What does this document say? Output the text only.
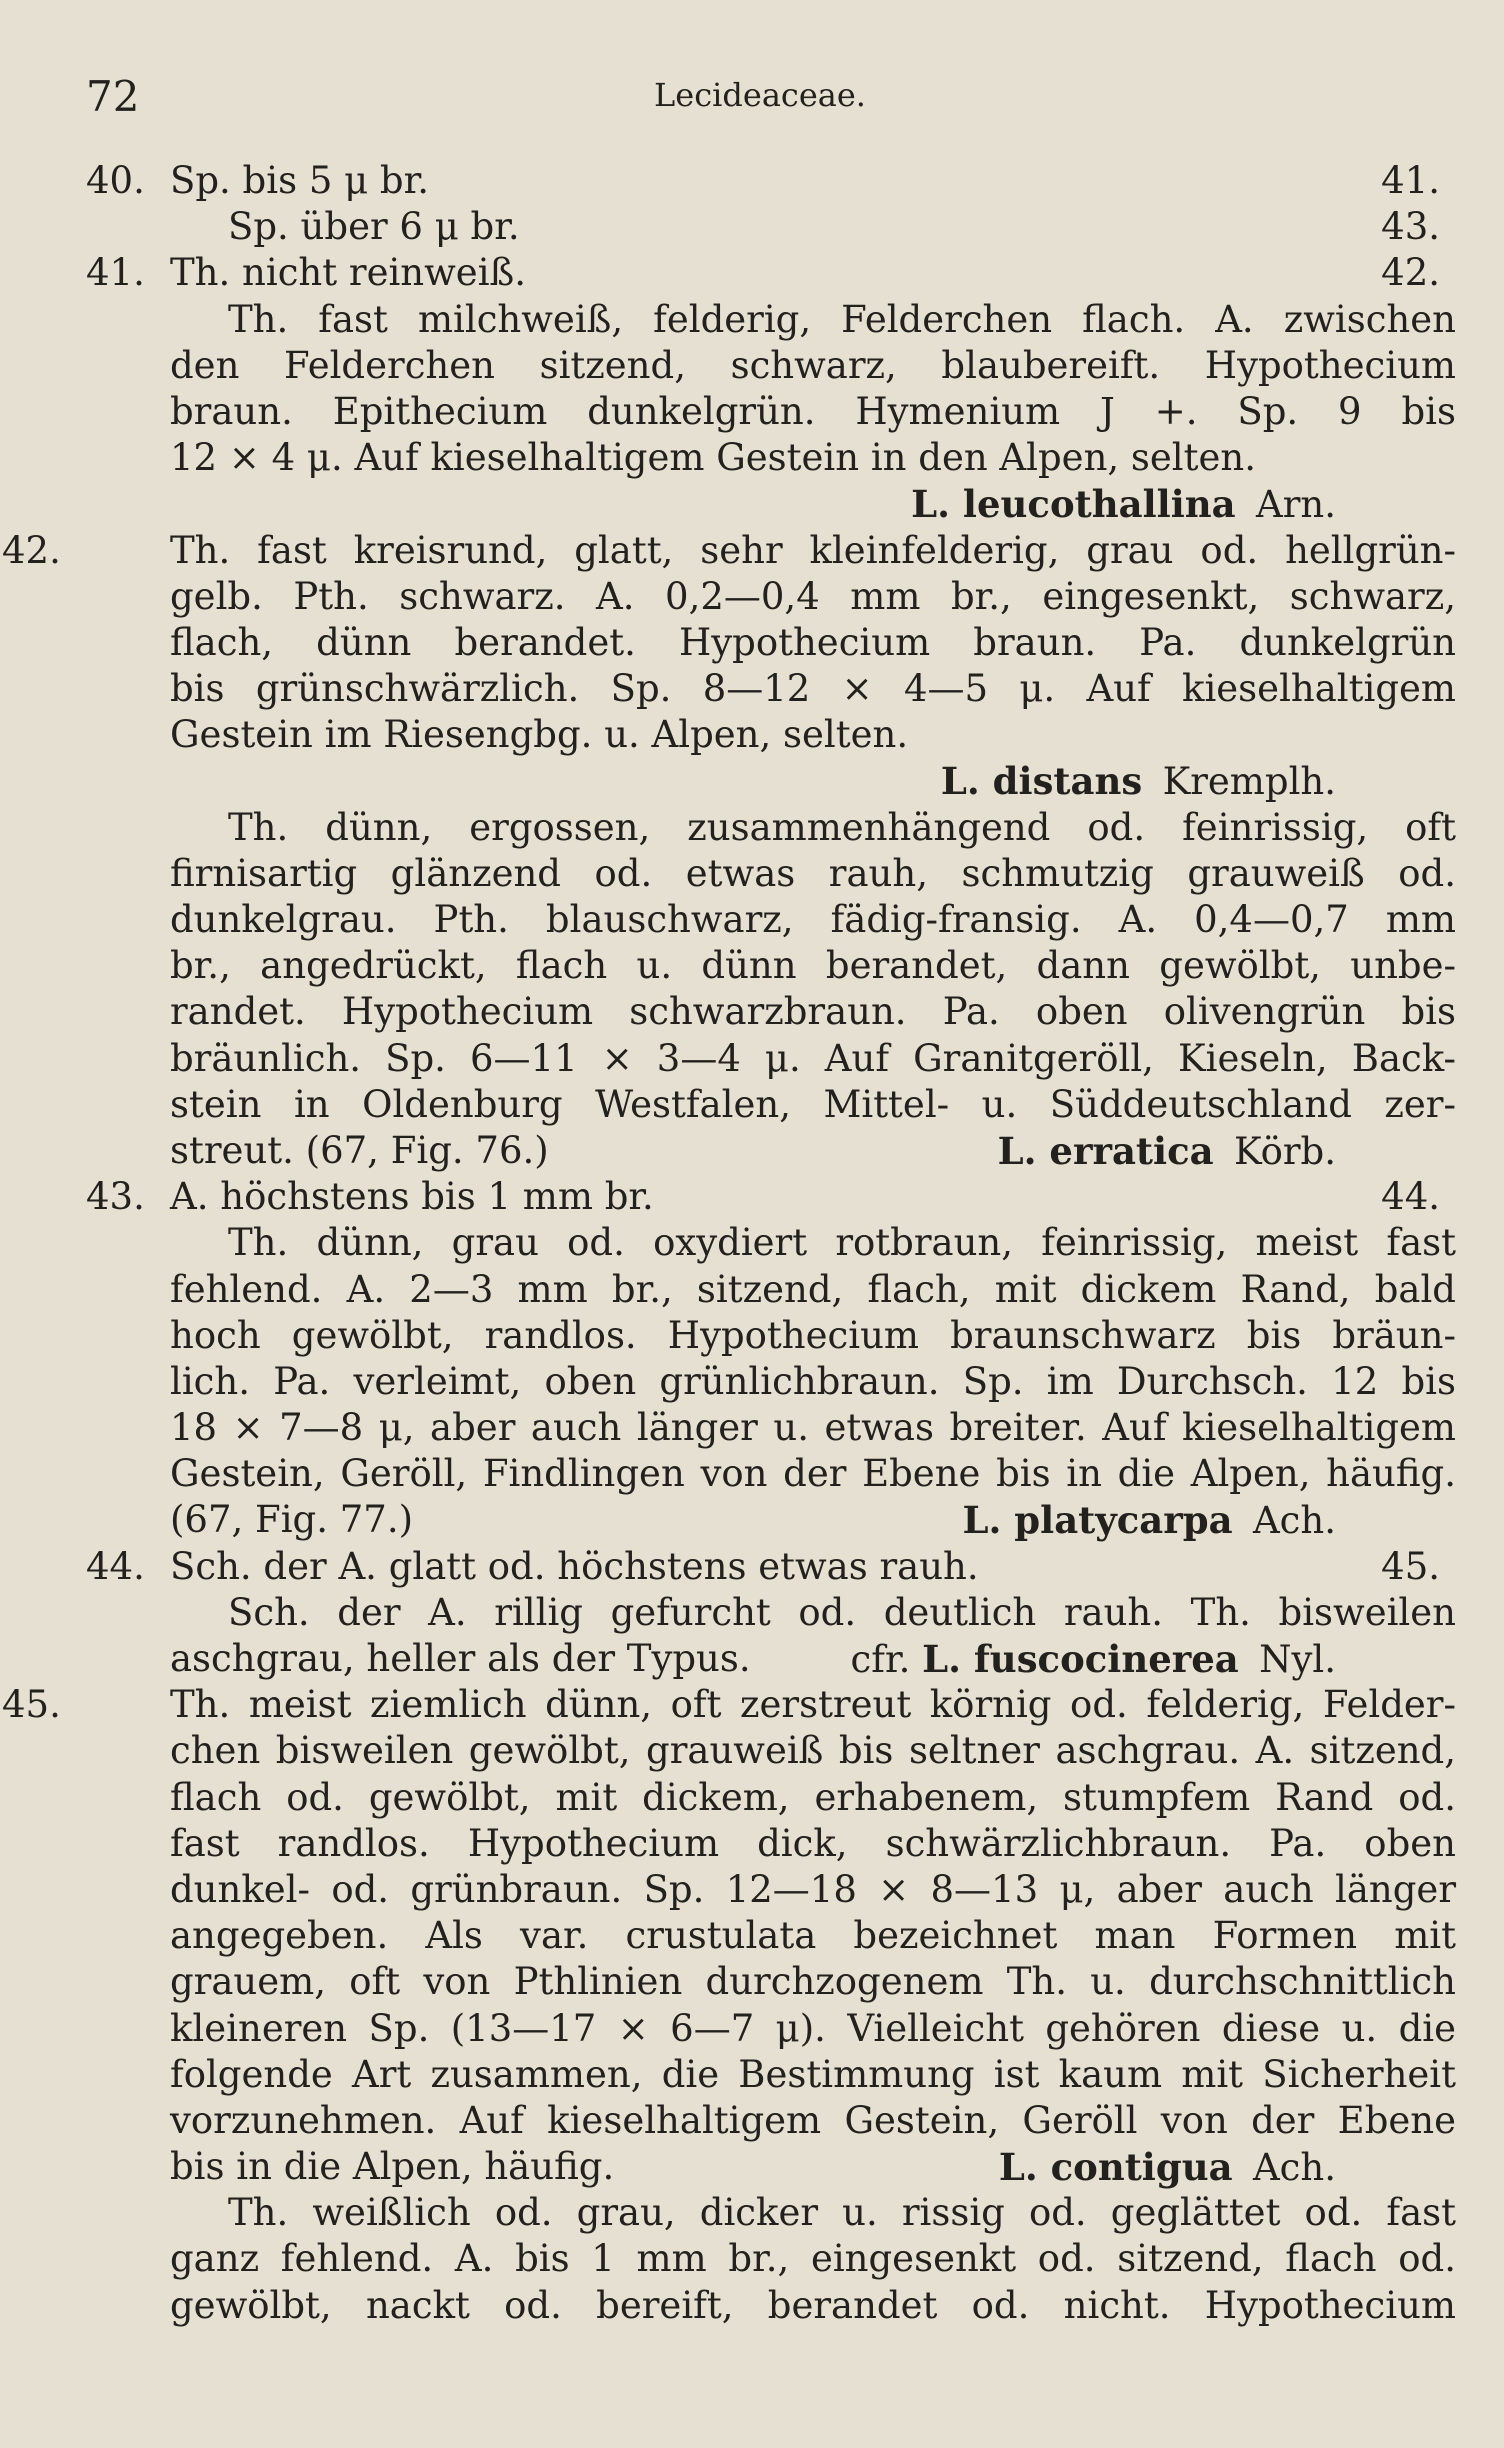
72	Lecideaceae.
40. Sp. bis 5 μ br.	41.
Sp. über 6 μ br.	43.
41. Th. nicht reinweiß.	42.
Th. fast milchweiß, felderig, Felderchen flach. A. zwischen
den Felderchen sitzend, schwarz, blaubereift. Hypothecium
braun. Epithecium dunkelgrün. Hymenium J +. Sp. 9 bis
12 × 4 μ. Auf kieselhaltigem Gestein in den Alpen, selten.
L. leucothallina Arn.
42.	Th. fast kreisrund, glatt, sehr kleinfelderig, grau od. hellgrün-
gelb. Pth. schwarz. A. 0,2—0,4 mm br., eingesenkt, schwarz,
flach, dünn berandet. Hypothecium braun. Pa. dunkelgrün
bis grünschwärzlich. Sp. 8—12 × 4—5 μ. Auf kieselhaltigem
Gestein im Riesengbg. u. Alpen, selten.
L. distans Kremplh.
Th. dünn, ergossen, zusammenhängend od. feinrissig, oft
firnisartig glänzend od. etwas rauh, schmutzig grauweiß od.
dunkelgrau. Pth. blauschwarz, fädig-fransig. A. 0,4—0,7 mm
br., angedrückt, flach u. dünn berandet, dann gewölbt, unbe-
randet. Hypothecium schwarzbraun. Pa. oben olivengrün bis
bräunlich. Sp. 6—11 × 3—4 μ. Auf Granitgeröll, Kieseln, Back-
stein in Oldenburg Westfalen, Mittel- u. Süddeutschland zer-
streut. (67, Fig. 76.)	L. erratica Körb.
43. A. höchstens bis 1 mm br.	44.
Th. dünn, grau od. oxydiert rotbraun, feinrissig, meist fast
fehlend. A. 2—3 mm br., sitzend, flach, mit dickem Rand, bald
hoch gewölbt, randlos. Hypothecium braunschwarz bis bräun-
lich. Pa. verleimt, oben grünlichbraun. Sp. im Durchsch. 12 bis
18 × 7—8 μ, aber auch länger u. etwas breiter. Auf kieselhaltigem
Gestein, Geröll, Findlingen von der Ebene bis in die Alpen, häufig.
(67, Fig. 77.)	L. platycarpa Ach.
44. Sch. der A. glatt od. höchstens etwas rauh.	45.
Sch. der A. rillig gefurcht od. deutlich rauh. Th. bisweilen
aschgrau, heller als der Typus.	cfr. L. fuscocinerea Nyl.
45.	Th. meist ziemlich dünn, oft zerstreut körnig od. felderig, Felder-
chen bisweilen gewölbt, grauweiß bis seltner aschgrau. A. sitzend,
flach od. gewölbt, mit dickem, erhabenem, stumpfem Rand od.
fast randlos. Hypothecium dick, schwärzlichbraun. Pa. oben
dunkel- od. grünbraun. Sp. 12—18 × 8—13 μ, aber auch länger
angegeben. Als var. crustulata bezeichnet man Formen mit
grauem, oft von Pthlinien durchzogenem Th. u. durchschnittlich
kleineren Sp. (13—17 × 6—7 μ). Vielleicht gehören diese u. die
folgende Art zusammen, die Bestimmung ist kaum mit Sicherheit
vorzunehmen. Auf kieselhaltigem Gestein, Geröll von der Ebene
bis in die Alpen, häufig.	L. contigua Ach.
Th. weißlich od. grau, dicker u. rissig od. geglättet od. fast
ganz fehlend. A. bis 1 mm br., eingesenkt od. sitzend, flach od.
gewölbt, nackt od. bereift, berandet od. nicht. Hypothecium
